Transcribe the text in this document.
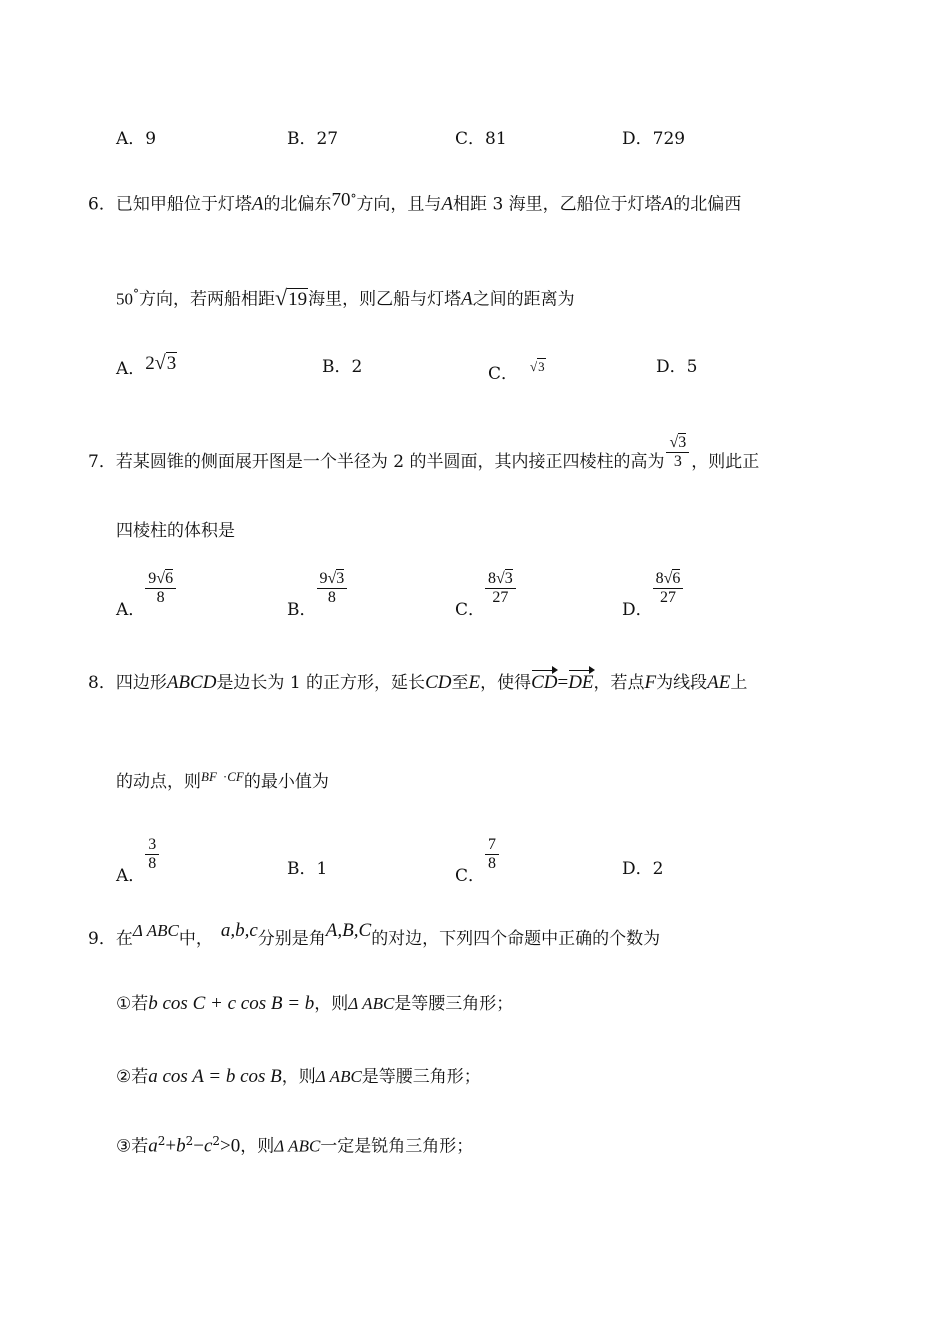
A．9	B．27	C．81	D．729
6．已知甲船位于灯塔A的北偏东70°方向，且与A相距 3 海里，乙船位于灯塔A的北偏西
50°方向，若两船相距√19海里，则乙船与灯塔A之间的距离为
A．2√3	B．2	C． √3	D．5
7．若某圆锥的侧面展开图是一个半径为 2 的半圆面，其内接正四棱柱的高为 $\frac{√3}{3}$ ，则此正
四棱柱的体积是
A．
$\frac{9√6}{8}$
B．
$\frac{9√3}{8}$
C．
$\frac{8√3}{27}$
D．
$\frac{8√6}{27}$
8．四边形ABCD是边长为 1 的正方形，延长CD至E，使得CD=DE，若点F为线段AE上
的动点，则$^{BF}$ $^{\cdot CF}$的最小值为
A．
$\frac{3}{8}$	B．1	C．
$\frac{7}{8}$	D．2
9．在Δ ABC中， a,b,c分别是角A,B,C的对边，下列四个命题中正确的个数为
①若b cos C + c cos B = b，则Δ ABC是等腰三角形；
②若a cos A = b cos B，则Δ ABC是等腰三角形；
③若$a^2+b^2-c^2>0$，则Δ ABC一定是锐角三角形；
